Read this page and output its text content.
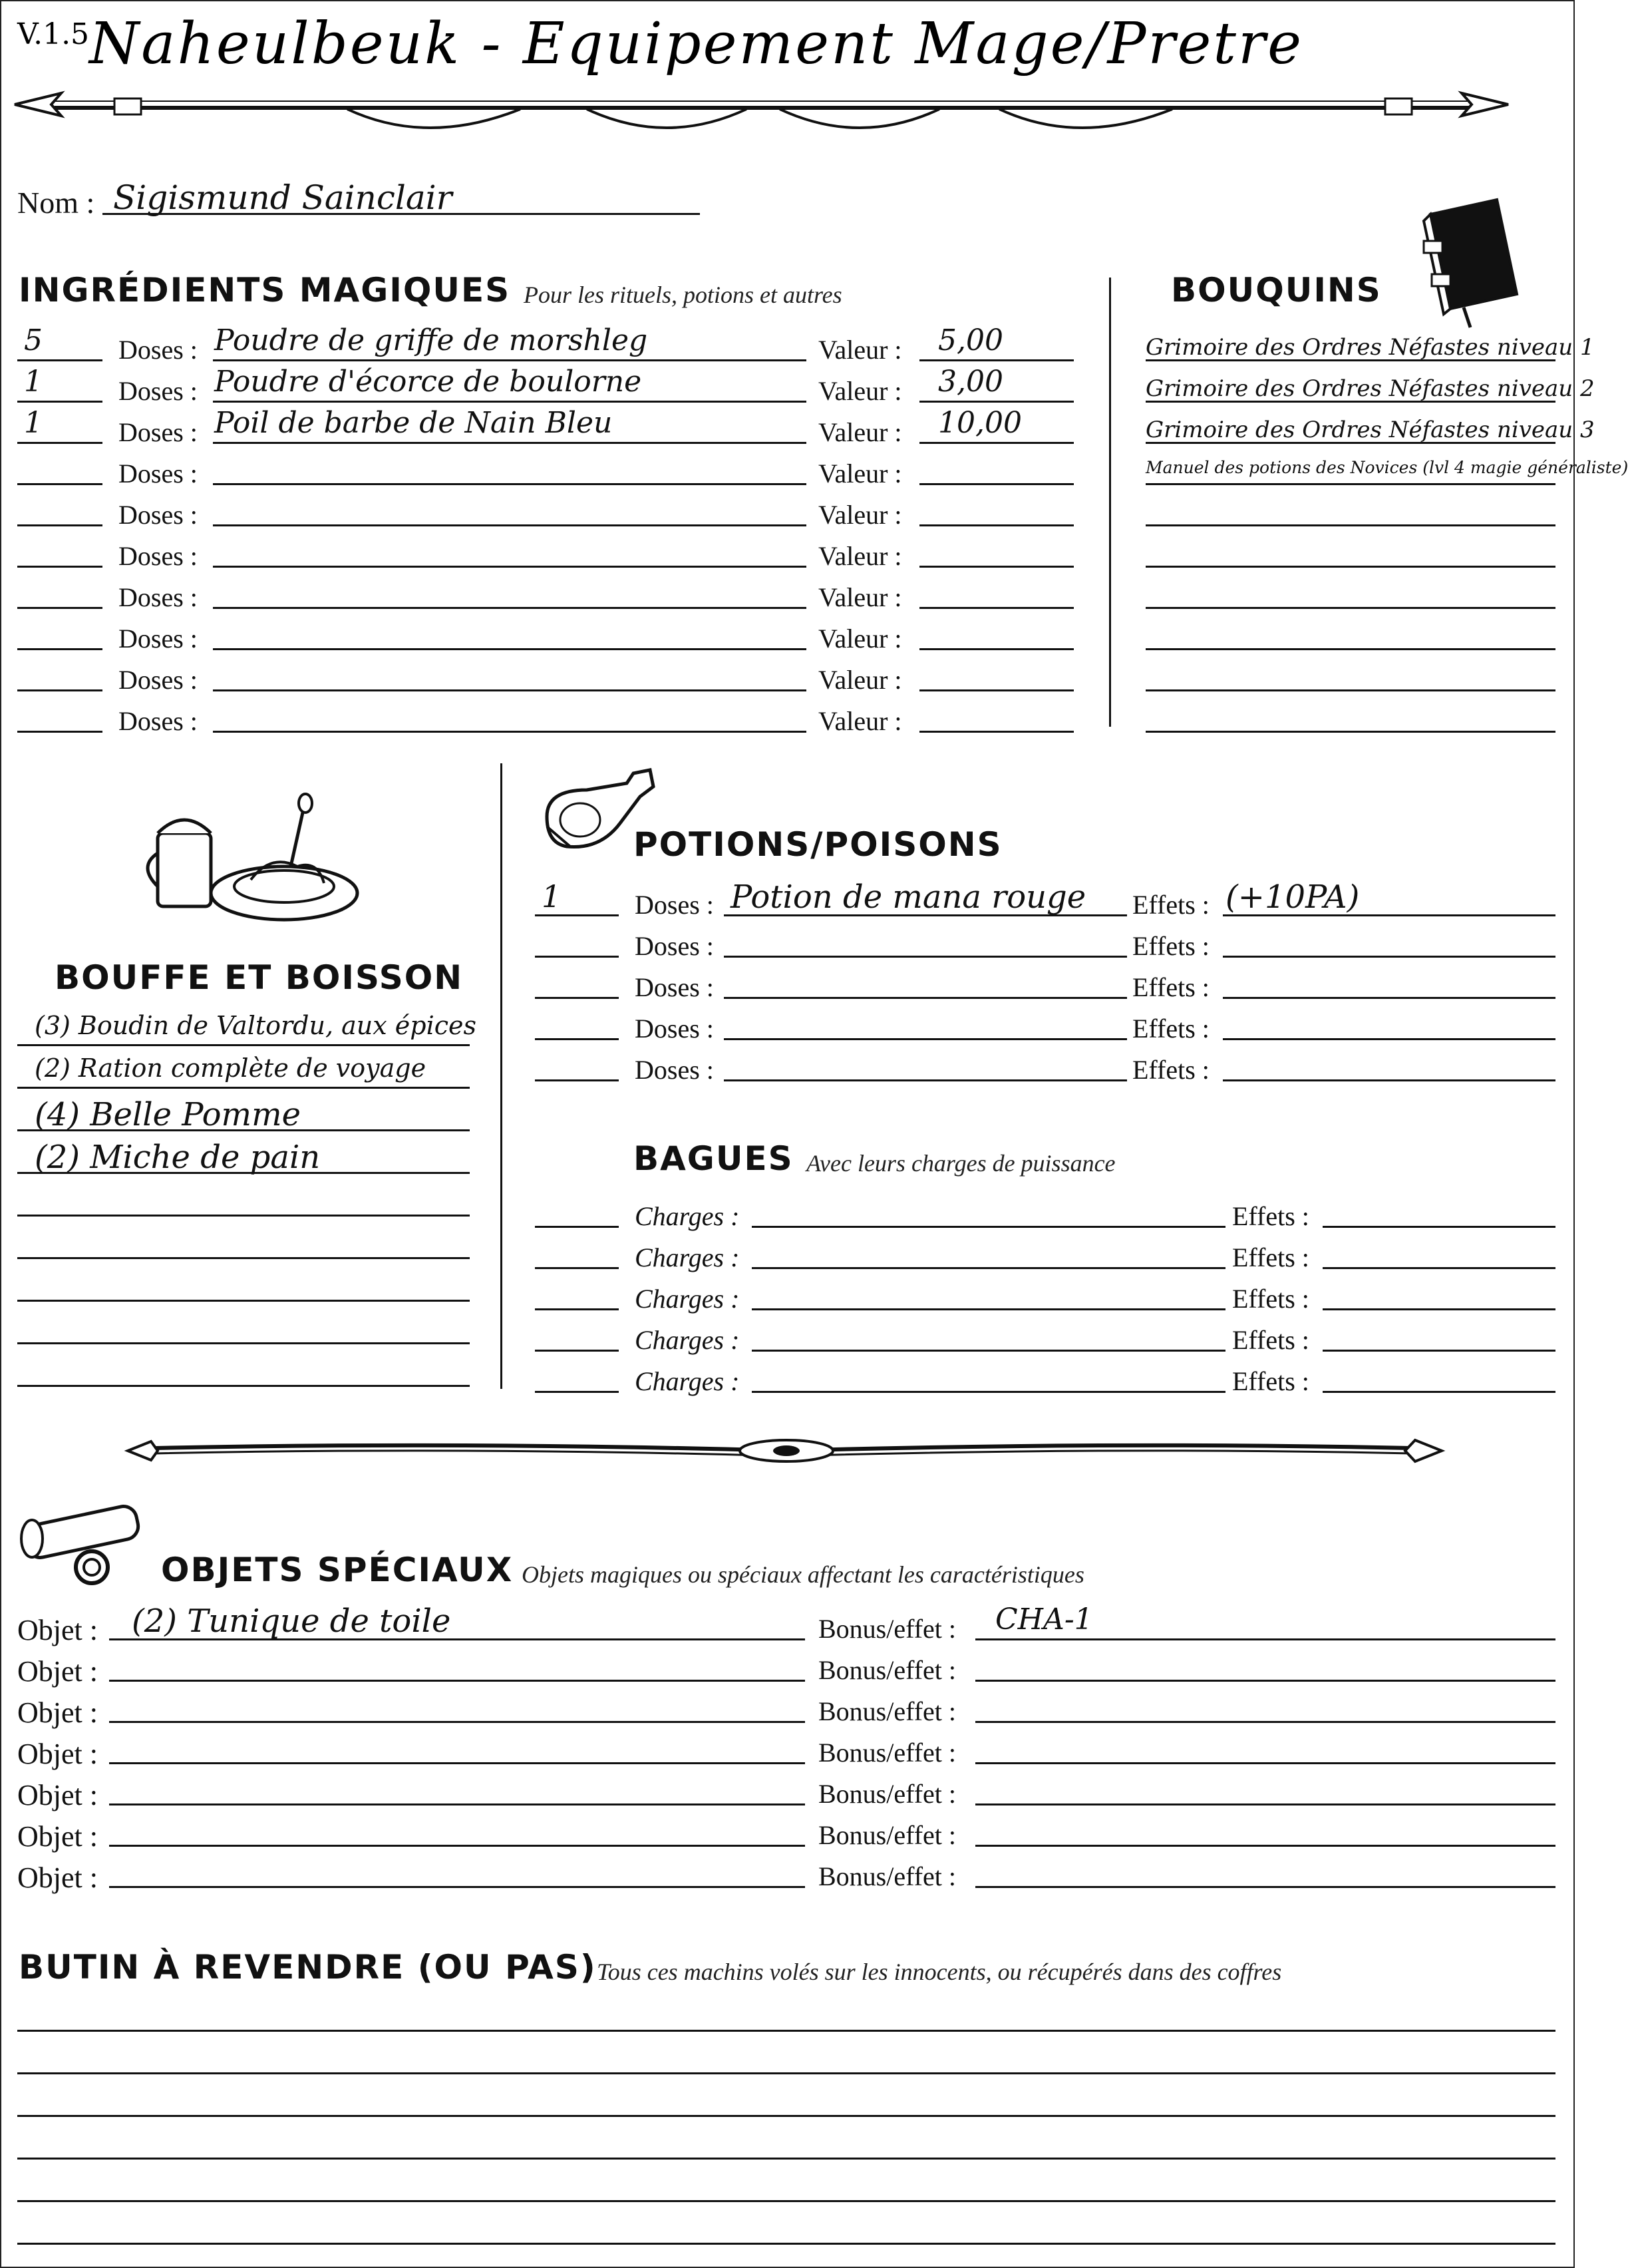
V.1.5 Naheulbeuk - Equipement Mage/Pretre
Nom : Sigismund Sainclair
INGRÉDIENTS MAGIQUES Pour les rituels, potions et autres
5	Doses : Poudre de griffe de morshleg	Valeur : 5,00
1	Doses : Poudre d'écorce de boulorne	Valeur : 3,00
1	Doses : Poil de barbe de Nain Bleu	Valeur : 10,00
Doses :	Valeur :
Doses :	Valeur :
Doses :	Valeur :
Doses :	Valeur :
Doses :	Valeur :
Doses :	Valeur :
Doses :	Valeur :
BOUQUINS
Grimoire des Ordres Néfastes niveau 1
Grimoire des Ordres Néfastes niveau 2
Grimoire des Ordres Néfastes niveau 3
Manuel des potions des Novices (lvl 4 magie généraliste)
BOUFFE ET BOISSON
(3) Boudin de Valtordu, aux épices
(2) Ration complète de voyage
(4) Belle Pomme
(2) Miche de pain
POTIONS/POISONS
1	Doses : Potion de mana rouge Effets : (+10PA)
Doses :	Effets :
Doses :	Effets :
Doses :	Effets :
Doses :	Effets :
BAGUES Avec leurs charges de puissance
Charges :	Effets :
Charges :	Effets :
Charges :	Effets :
Charges :	Effets :
Charges :	Effets :
OBJETS SPÉCIAUX Objets magiques ou spéciaux affectant les caractéristiques
Objet : (2) Tunique de toile	Bonus/effet : CHA-1
Objet :	Bonus/effet :
Objet :	Bonus/effet :
Objet :	Bonus/effet :
Objet :	Bonus/effet :
Objet :	Bonus/effet :
Objet :	Bonus/effet :
BUTIN À REVENDRE (OU PAS) Tous ces machins volés sur les innocents, ou récupérés dans des coffres
